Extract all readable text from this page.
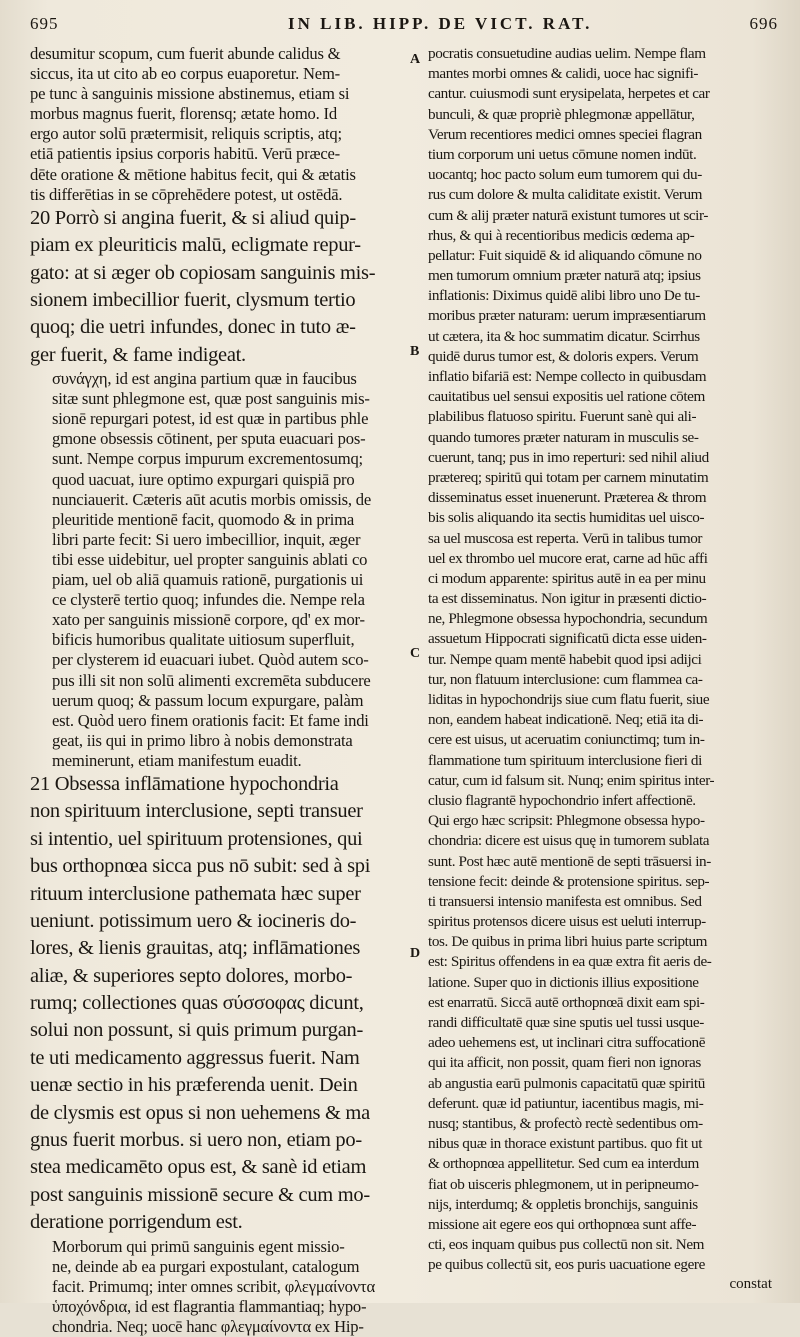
695	IN LIB. HIPP. DE VICT. RAT.	696

desumitur scopum, cum fuerit abunde calidus &

siccus, ita ut cito ab eo corpus euaporetur. Nem-

pe tunc à sanguinis missione abstinemus, etiam si

morbus magnus fuerit, florensq; ætate homo. Id

ergo autor solū prætermisit, reliquis scriptis, atq;

etiā patientis ipsius corporis habitū. Verū præce-

dēte oratione & mētione habitus fecit, qui & ætatis

tis differētias in se cōprehēdere potest, ut ostēdā.

20 Porrò si angina fuerit, & si aliud quip-

piam ex pleuriticis malū, ecligmate repur-

gato: at si æger ob copiosam sanguinis mis-

sionem imbecillior fuerit, clysmum tertio

quoq; die uetri infundes, donec in tuto æ-

ger fuerit, & fame indigeat.

συνάγχη, id est angina partium quæ in faucibus

sitæ sunt phlegmone est, quæ post sanguinis mis-

sionē repurgari potest, id est quæ in partibus phle

gmone obsessis cōtinent, per sputa euacuari pos-

sunt. Nempe corpus impurum excrementosumq;

quod uacuat, iure optimo expurgari quispiā pro

nunciauerit. Cæteris aūt acutis morbis omissis, de

pleuritide mentionē facit, quomodo & in prima

libri parte fecit: Si uero imbecillior, inquit, æger

tibi esse uidebitur, uel propter sanguinis ablati co

piam, uel ob aliā quamuis rationē, purgationis ui

ce clysterē tertio quoq; infundes die. Nempe rela

xato per sanguinis missionē corpore, qd' ex mor-

bificis humoribus qualitate uitiosum superfluit,

per clysterem id euacuari iubet. Quòd autem sco-

pus illi sit non solū alimenti excremēta subducere

uerum quoq; & passum locum expurgare, palàm

est. Quòd uero finem orationis facit: Et fame indi

geat, iis qui in primo libro à nobis demonstrata

meminerunt, etiam manifestum euadit.

21 Obsessa inflāmatione hypochondria

non spirituum interclusione, septi transuer

si intentio, uel spirituum protensiones, qui

bus orthopnœa sicca pus nō subit: sed à spi

rituum interclusione pathemata hæc super

ueniunt. potissimum uero & iocineris do-

lores, & lienis grauitas, atq; inflāmationes

aliæ, & superiores septo dolores, morbo-

rumq; collectiones quas σύσσοφας dicunt,

solui non possunt, si quis primum purgan-

te uti medicamento aggressus fuerit. Nam

uenæ sectio in his præferenda uenit. Dein

de clysmis est opus si non uehemens & ma

gnus fuerit morbus. si uero non, etiam po-

stea medicamēto opus est, & sanè id etiam

post sanguinis missionē secure & cum mo-

deratione porrigendum est.

Morborum qui primū sanguinis egent missio-

ne, deinde ab ea purgari expostulant, catalogum

facit. Primumq; inter omnes scribit, φλεγμαίνοντα

ὑποχόνδρια, id est flagrantia flammantiaq; hypo-

chondria. Neq; uocē hanc φλεγμαίνοντα ex Hip-

A
B
C
D

pocratis consuetudine audias uelim. Nempe flam

mantes morbi omnes & calidi, uoce hac signifi-

cantur. cuiusmodi sunt erysipelata, herpetes et car

bunculi, & quæ propriè phlegmonæ appellātur,

Verum recentiores medici omnes speciei flagran

tium corporum uni uetus cōmune nomen indūt.

uocantq; hoc pacto solum eum tumorem qui du-

rus cum dolore & multa caliditate existit. Verum

cum & alij præter naturā existunt tumores ut scir-

rhus, & qui à recentioribus medicis œdema ap-

pellatur: Fuit siquidē & id aliquando cōmune no

men tumorum omnium præter naturā atq; ipsius

inflationis: Diximus quidē alibi libro uno De tu-

moribus præter naturam: uerum impræsentiarum

ut cætera, ita & hoc summatim dicatur. Scirrhus

quidē durus tumor est, & doloris expers. Verum

inflatio bifariā est: Nempe collecto in quibusdam

cauitatibus uel sensui expositis uel ratione cōtem

plabilibus flatuoso spiritu. Fuerunt sanè qui ali-

quando tumores præter naturam in musculis se-

cuerunt, tanq; pus in imo reperturi: sed nihil aliud

prætereq; spiritū qui totam per carnem minutatim

disseminatus esset inuenerunt. Præterea & throm

bis solis aliquando ita sectis humiditas uel uisco-

sa uel muscosa est reperta. Verū in talibus tumor

uel ex thrombo uel mucore erat, carne ad hūc affi

ci modum apparente: spiritus autē in ea per minu

ta est disseminatus. Non igitur in præsenti dictio-

ne, Phlegmone obsessa hypochondria, secundum

assuetum Hippocrati significatū dicta esse uiden-

tur. Nempe quam mentē habebit quod ipsi adijci

tur, non flatuum interclusione: cum flammea ca-

liditas in hypochondrijs siue cum flatu fuerit, siue

non, eandem habeat indicationē. Neq; etiā ita di-

cere est uisus, ut aceruatim coniunctimq; tum in-

flammatione tum spirituum interclusione fieri di

catur, cum id falsum sit. Nunq; enim spiritus inter-

clusio flagrantē hypochondrio infert affectionē.

Qui ergo hæc scripsit: Phlegmone obsessa hypo-

chondria: dicere est uisus quę in tumorem sublata

sunt. Post hæc autē mentionē de septi trāsuersi in-

tensione fecit: deinde & protensione spiritus. sep-

ti transuersi intensio manifesta est omnibus. Sed

spiritus protensos dicere uisus est ueluti interrup-

tos. De quibus in prima libri huius parte scriptum

est: Spiritus offendens in ea quæ extra fit aeris de-

latione. Super quo in dictionis illius expositione

est enarratū. Siccā autē orthopnœā dixit eam spi-

randi difficultatē quæ sine sputis uel tussi usque-

adeo uehemens est, ut inclinari citra suffocationē

qui ita afficit, non possit, quam fieri non ignoras

ab angustia earū pulmonis capacitatū quæ spiritū

deferunt. quæ id patiuntur, iacentibus magis, mi-

nusq; stantibus, & profectò rectè sedentibus om-

nibus quæ in thorace existunt partibus. quo fit ut

& orthopnœa appellitetur. Sed cum ea interdum

fiat ob uisceris phlegmonem, ut in peripneumo-

nijs, interdumq; & oppletis bronchijs, sanguinis

missione ait egere eos qui orthopnœa sunt affe-

cti, eos inquam quibus pus collectū non sit. Nem

pe quibus collectū sit, eos puris uacuatione egere

constat
